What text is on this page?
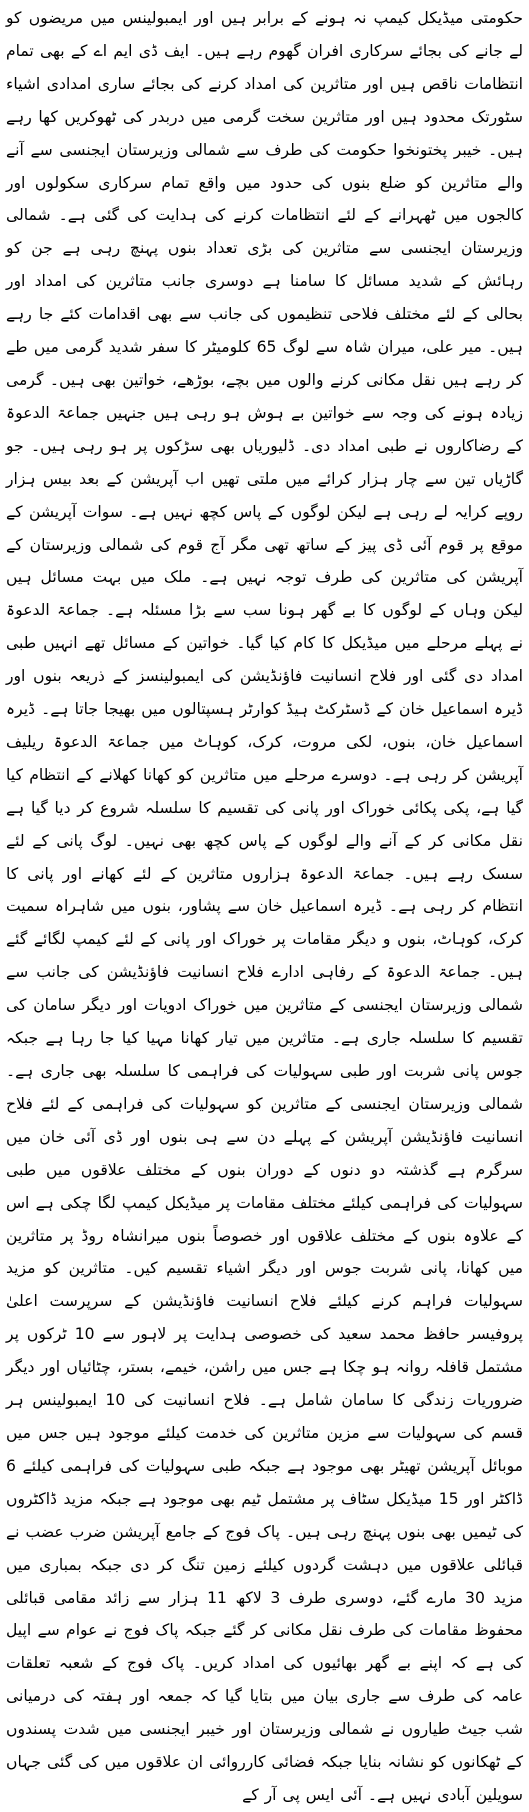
حکومتی میڈیکل کیمپ نہ ہونے کے برابر ہیں اور ایمبولینس میں مریضوں کو لے جانے کی بجائے سرکاری افران گھوم رہے ہیں۔ ایف ڈی ایم اے کے بھی تمام انتظامات ناقص ہیں اور متاثرین کی امداد کرنے کی بجائے ساری امدادی اشیاء سٹورتک محدود ہیں اور متاثرین سخت گرمی میں دربدر کی ٹھوکریں کھا رہے ہیں۔ خیبر پختونخوا حکومت کی طرف سے شمالی وزیرستان ایجنسی سے آنے والے متاثرین کو ضلع بنوں کی حدود میں واقع تمام سرکاری سکولوں اور کالجوں میں ٹھہرانے کے لئے انتظامات کرنے کی ہدایت کی گئی ہے۔ شمالی وزیرستان ایجنسی سے متاثرین کی بڑی تعداد بنوں پہنچ رہی ہے جن کو رہائش کے شدید مسائل کا سامنا ہے دوسری جانب متاثرین کی امداد اور بحالی کے لئے مختلف فلاحی تنظیموں کی جانب سے بھی اقدامات کئے جا رہے ہیں۔ میر علی، میران شاہ سے لوگ 65 کلومیٹر کا سفر شدید گرمی میں طے کر رہے ہیں نقل مکانی کرنے والوں میں بچے، بوڑھے، خواتین بھی ہیں۔ گرمی زیادہ ہونے کی وجہ سے خواتین بے ہوش ہو رہی ہیں جنہیں جماعۃ الدعوۃ کے رضاکاروں نے طبی امداد دی۔ ڈلیوریاں بھی سڑکوں پر ہو رہی ہیں۔ جو گاڑیاں تین سے چار ہزار کرائے میں ملتی تھیں اب آپریشن کے بعد بیس ہزار روپے کرایہ لے رہی ہے لیکن لوگوں کے پاس کچھ نہیں ہے۔ سوات آپریشن کے موقع پر قوم آئی ڈی پیز کے ساتھ تھی مگر آج قوم کی شمالی وزیرستان کے آپریشن کی متاثرین کی طرف توجہ نہیں ہے۔ ملک میں بہت مسائل ہیں لیکن وہاں کے لوگوں کا بے گھر ہونا سب سے بڑا مسئلہ ہے۔ جماعۃ الدعوۃ نے پہلے مرحلے میں میڈیکل کا کام کیا گیا۔ خواتین کے مسائل تھے انہیں طبی امداد دی گئی اور فلاح انسانیت فاؤنڈیشن کی ایمبولینسز کے ذریعہ بنوں اور ڈیرہ اسماعیل خان کے ڈسٹرکٹ ہیڈ کوارٹر ہسپتالوں میں بھیجا جاتا ہے۔ ڈیرہ اسماعیل خان، بنوں، لکی مروت، کرک، کوہاٹ میں جماعۃ الدعوۃ ریلیف آپریشن کر رہی ہے۔ دوسرے مرحلے میں متاثرین کو کھانا کھلانے کے انتظام کیا گیا ہے، پکی پکائی خوراک اور پانی کی تقسیم کا سلسلہ شروع کر دیا گیا ہے نقل مکانی کر کے آنے والے لوگوں کے پاس کچھ بھی نہیں۔ لوگ پانی کے لئے سسک رہے ہیں۔ جماعۃ الدعوۃ ہزاروں متاثرین کے لئے کھانے اور پانی کا انتظام کر رہی ہے۔ ڈیرہ اسماعیل خان سے پشاور، بنوں میں شاہراہ سمیت کرک، کوہاٹ، بنوں و دیگر مقامات پر خوراک اور پانی کے لئے کیمپ لگائے گئے ہیں۔ جماعۃ الدعوۃ کے رفاہی ادارے فلاح انسانیت فاؤنڈیشن کی جانب سے شمالی وزیرستان ایجنسی کے متاثرین میں خوراک ادویات اور دیگر سامان کی تقسیم کا سلسلہ جاری ہے۔ متاثرین میں تیار کھانا مہیا کیا جا رہا ہے جبکہ جوس پانی شربت اور طبی سہولیات کی فراہمی کا سلسلہ بھی جاری ہے۔ شمالی وزیرستان ایجنسی کے متاثرین کو سہولیات کی فراہمی کے لئے فلاح انسانیت فاؤنڈیشن آپریشن کے پہلے دن سے ہی بنوں اور ڈی آئی خان میں سرگرم ہے گذشتہ دو دنوں کے دوران بنوں کے مختلف علاقوں میں طبی سہولیات کی فراہمی کیلئے مختلف مقامات پر میڈیکل کیمپ لگا چکی ہے اس کے علاوہ بنوں کے مختلف علاقوں اور خصوصاً بنوں میرانشاہ روڈ پر متاثرین میں کھانا، پانی شربت جوس اور دیگر اشیاء تقسیم کیں۔ متاثرین کو مزید سہولیات فراہم کرنے کیلئے فلاح انسانیت فاؤنڈیشن کے سرپرست اعلیٰ پروفیسر حافظ محمد سعید کی خصوصی ہدایت پر لاہور سے 10 ٹرکوں پر مشتمل قافلہ روانہ ہو چکا ہے جس میں راشن، خیمے، بستر، چٹائیاں اور دیگر ضروریات زندگی کا سامان شامل ہے۔ فلاح انسانیت کی 10 ایمبولینس ہر قسم کی سہولیات سے مزین متاثرین کی خدمت کیلئے موجود ہیں جس میں موبائل آپریشن تھیٹر بھی موجود ہے جبکہ طبی سہولیات کی فراہمی کیلئے 6 ڈاکٹر اور 15 میڈیکل سٹاف پر مشتمل ٹیم بھی موجود ہے جبکہ مزید ڈاکٹروں کی ٹیمیں بھی بنوں پہنچ رہی ہیں۔ پاک فوج کے جامع آپریشن ضرب عضب نے قبائلی علاقوں میں دہشت گردوں کیلئے زمین تنگ کر دی جبکہ بمباری میں مزید 30 مارے گئے، دوسری طرف 3 لاکھ 11 ہزار سے زائد مقامی قبائلی محفوظ مقامات کی طرف نقل مکانی کر گئے جبکہ پاک فوج نے عوام سے اپیل کی ہے کہ اپنے بے گھر بھائیوں کی امداد کریں۔ پاک فوج کے شعبہ تعلقات عامہ کی طرف سے جاری بیان میں بتایا گیا کہ جمعہ اور ہفتہ کی درمیانی شب جیٹ طیاروں نے شمالی وزیرستان اور خیبر ایجنسی میں شدت پسندوں کے ٹھکانوں کو نشانہ بنایا جبکہ فضائی کارروائی ان علاقوں میں کی گئی جہاں سویلین آبادی نہیں ہے۔ آئی ایس پی آر کے
